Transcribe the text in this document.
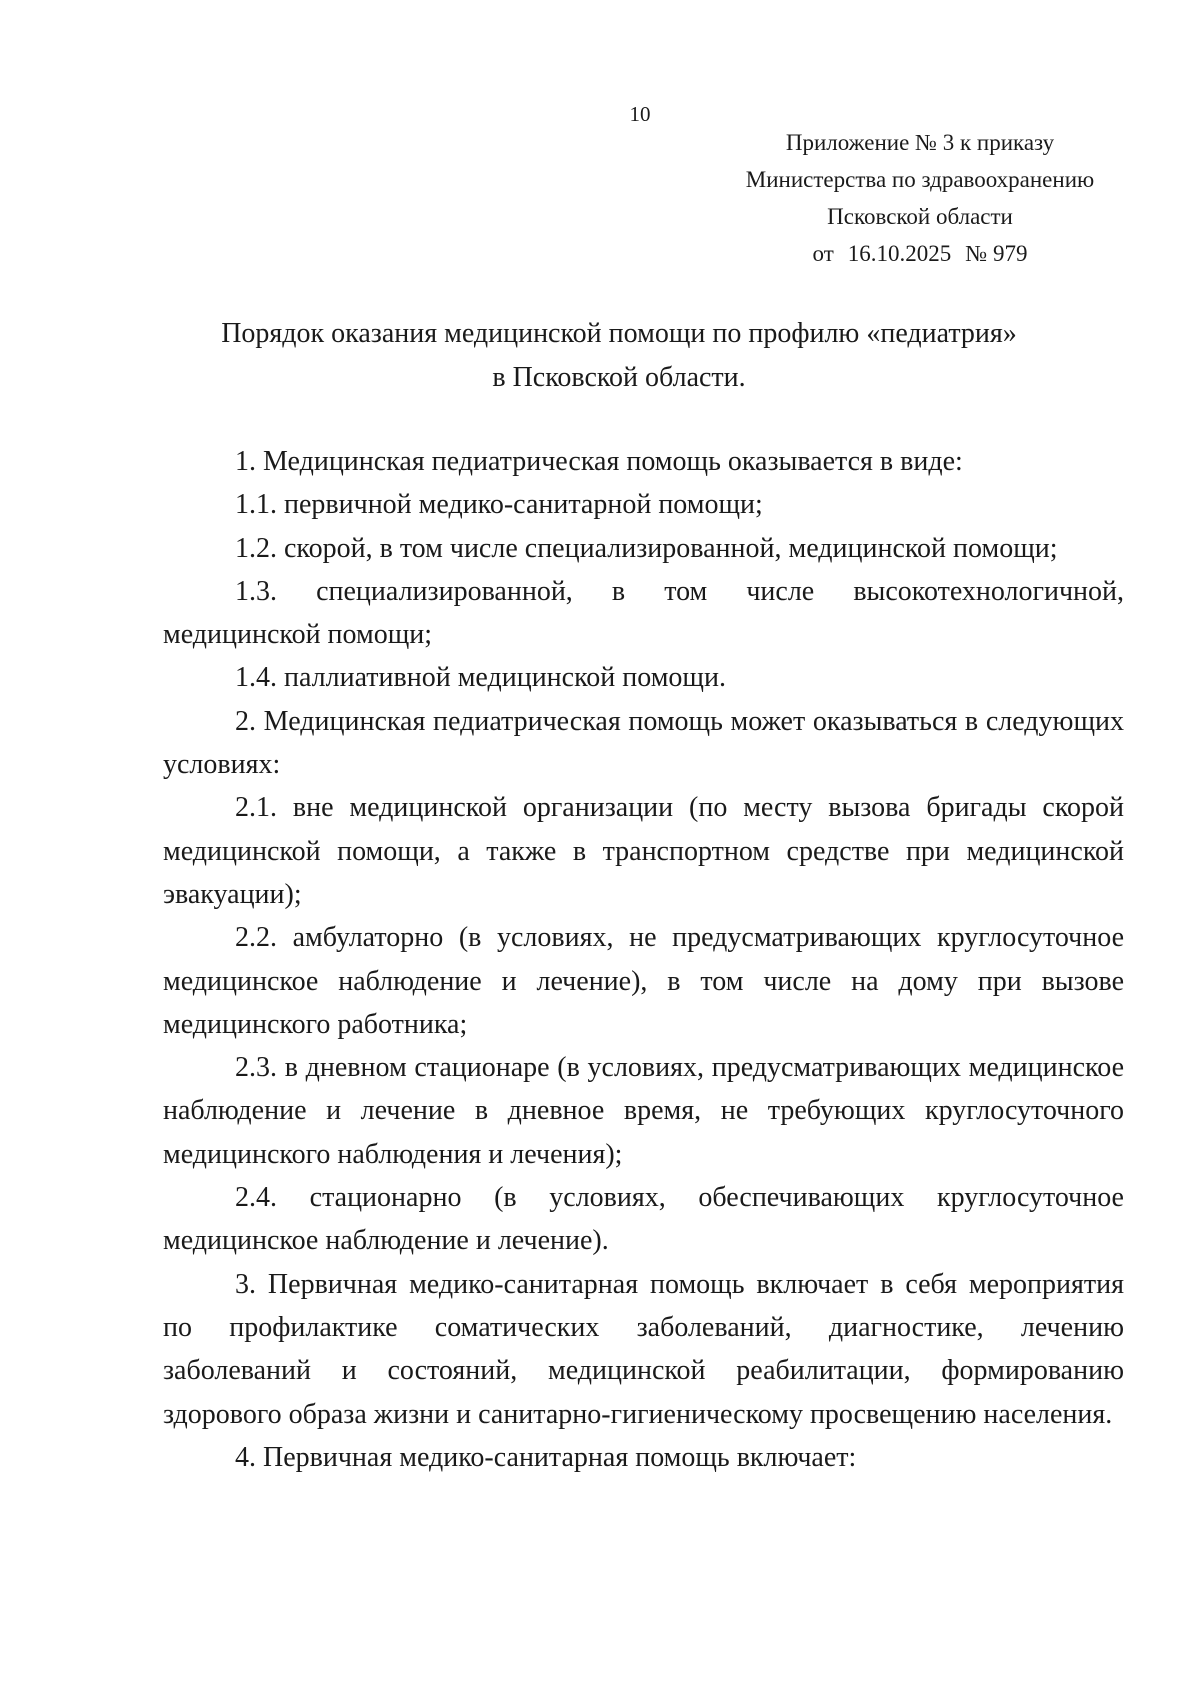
10
Приложение № 3 к приказу
Министерства по здравоохранению
Псковской области
от 16.10.2025 № 979
Порядок оказания медицинской помощи по профилю «педиатрия»
в Псковской области.

1. Медицинская педиатрическая помощь оказывается в виде:

1.1. первичной медико-санитарной помощи;

1.2. скорой, в том числе специализированной, медицинской помощи;

1.3. специализированной, в том числе высокотехнологичной, медицинской помощи;

1.4. паллиативной медицинской помощи.

2. Медицинская педиатрическая помощь может оказываться в следующих условиях:

2.1. вне медицинской организации (по месту вызова бригады скорой медицинской помощи, а также в транспортном средстве при медицинской эвакуации);

2.2. амбулаторно (в условиях, не предусматривающих круглосуточное медицинское наблюдение и лечение), в том числе на дому при вызове медицинского работника;

2.3. в дневном стационаре (в условиях, предусматривающих медицинское наблюдение и лечение в дневное время, не требующих круглосуточного медицинского наблюдения и лечения);

2.4. стационарно (в условиях, обеспечивающих круглосуточное медицинское наблюдение и лечение).

3. Первичная медико-санитарная помощь включает в себя мероприятия по профилактике соматических заболеваний, диагностике, лечению заболеваний и состояний, медицинской реабилитации, формированию здорового образа жизни и санитарно-гигиеническому просвещению населения.

4. Первичная медико-санитарная помощь включает:
